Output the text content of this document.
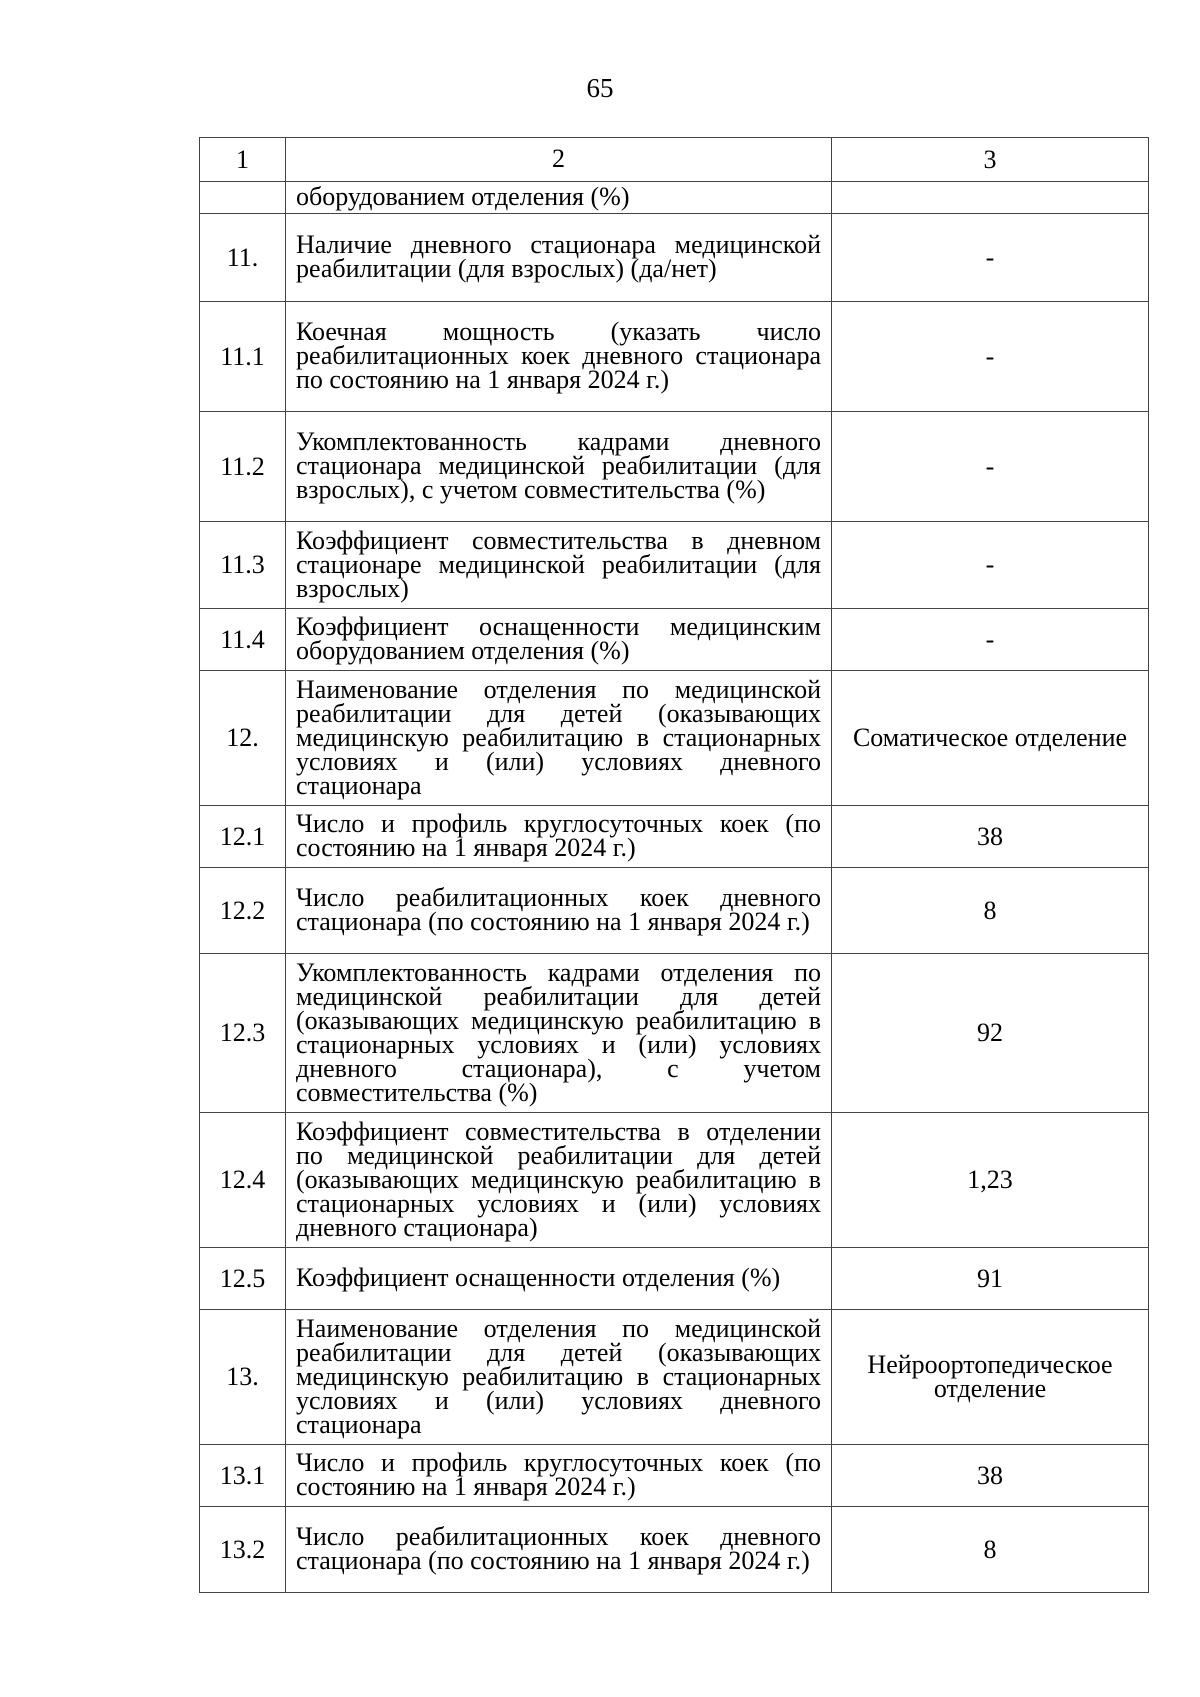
65
1	2	3
	оборудованием отделения (%)	
11.	Наличие дневного стационара медицинской реабилитации (для взрослых) (да/нет)	-
11.1	Коечная мощность (указать число реабилитационных коек дневного стационара по состоянию на 1 января 2024 г.)	-
11.2	Укомплектованность кадрами дневного стационара медицинской реабилитации (для взрослых), с учетом совместительства (%)	-
11.3	Коэффициент совместительства в дневном стационаре медицинской реабилитации (для взрослых)	-
11.4	Коэффициент оснащенности медицинским оборудованием отделения (%)	-
12.	Наименование отделения по медицинской реабилитации для детей (оказывающих медицинскую реабилитацию в стационарных условиях и (или) условиях дневного стационара	Соматическое отделение
12.1	Число и профиль круглосуточных коек (по состоянию на 1 января 2024 г.)	38
12.2	Число реабилитационных коек дневного стационара (по состоянию на 1 января 2024 г.)	8
12.3	Укомплектованность кадрами отделения по медицинской реабилитации для детей (оказывающих медицинскую реабилитацию в стационарных условиях и (или) условиях дневного стационара), с учетом совместительства (%)	92
12.4	Коэффициент совместительства в отделении по медицинской реабилитации для детей (оказывающих медицинскую реабилитацию в стационарных условиях и (или) условиях дневного стационара)	1,23
12.5	Коэффициент оснащенности отделения (%)	91
13.	Наименование отделения по медицинской реабилитации для детей (оказывающих медицинскую реабилитацию в стационарных условиях и (или) условиях дневного стационара	Нейроортопедическое отделение
13.1	Число и профиль круглосуточных коек (по состоянию на 1 января 2024 г.)	38
13.2	Число реабилитационных коек дневного стационара (по состоянию на 1 января 2024 г.)	8
